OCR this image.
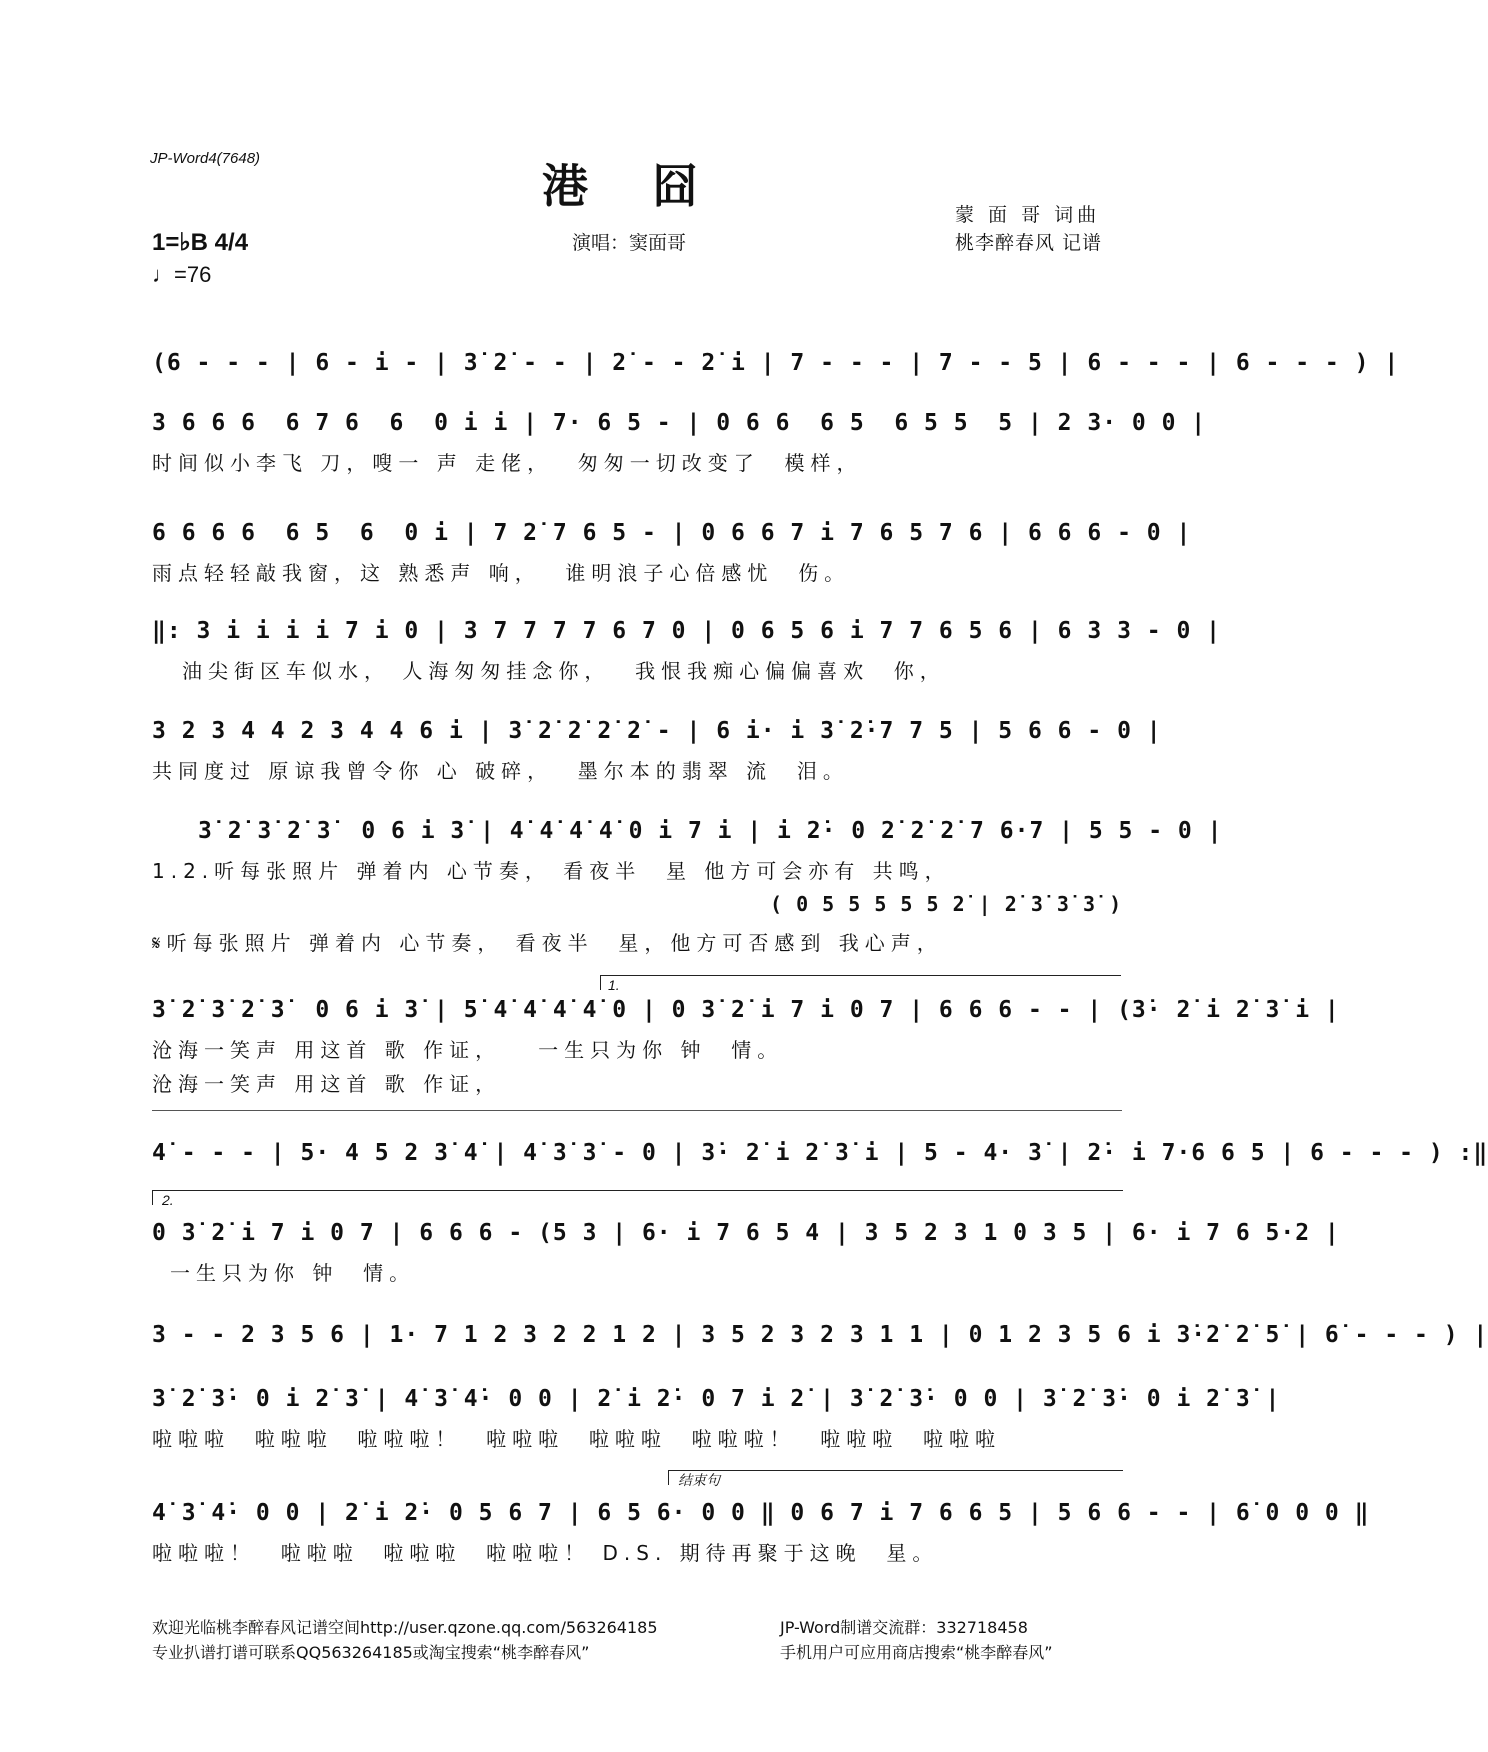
JP-Word4(7648)
港囧
演唱：窦面哥
蒙 面 哥 词曲
桃李醉春风 记谱
1=♭B 4/4
♩=76
(6 - - - | 6 - i - | 3̇ 2̇ - - | 2̇ - - 2̇ i | 7 - - - | 7 - - 5 | 6 - - - | 6 - - - ) |
3 6 6 6  6 7 6  6  0 i i | 7· 6 5 - | 0 6 6  6 5  6 5 5  5 | 2 3· 0 0 |
时间似小李飞 刀，嗖一 声 走佬，  匆匆一切改变了  模样，
6 6 6 6  6 5  6  0 i | 7 2̇ 7 6 5 - | 0 6 6 7 i 7 6 5 7 6 | 6 6 6 - 0 |
雨点轻轻敲我窗，这 熟悉声 响，  谁明浪子心倍感忧  伤。
‖: 3 i i i i 7 i 0 | 3 7 7 7 7 6 7 0 | 0 6 5 6 i 7 7 6 5 6 | 6 3 3 - 0 |
油尖街区车似水， 人海匆匆挂念你，  我恨我痴心偏偏喜欢  你，
3 2 3 4 4 2 3 4 4 6 i | 3̇ 2̇ 2̇ 2̇ 2̇ - | 6 i· i 3̇ 2̇·7 7 5 | 5 6 6 - 0 |
共同度过 原谅我曾令你 心 破碎，  墨尔本的翡翠 流  泪。
3̇ 2̇ 3̇ 2̇ 3̇  0 6 i 3̇ | 4̇ 4̇ 4̇ 4̇ 0 i 7 i | i 2̇· 0 2̇ 2̇ 2̇ 7 6·7 | 5 5 - 0 |
1.2.听每张照片 弹着内 心节奏， 看夜半  星 他方可会亦有 共鸣，
( 0 5 5 5 5 5 2̇ | 2̇ 3̇ 3̇ 3̇ )
𝄋听每张照片 弹着内 心节奏， 看夜半  星，他方可否感到 我心声，
1.
3̇ 2̇ 3̇ 2̇ 3̇  0 6 i 3̇ | 5̇ 4̇ 4̇ 4̇ 4̇ 0 | 0 3̇ 2̇ i 7 i 0 7 | 6 6 6 - - | (3̇· 2̇ i 2̇ 3̇ i |
沧海一笑声 用这首 歌 作证，   一生只为你 钟  情。
沧海一笑声 用这首 歌 作证，
4̇ - - - | 5· 4 5 2 3̇ 4̇ | 4̇ 3̇ 3̇ - 0 | 3̇· 2̇ i 2̇ 3̇ i | 5 - 4· 3̇ | 2̇· i 7·6 6 5 | 6 - - - ) :‖
2.
0 3̇ 2̇ i 7 i 0 7 | 6 6 6 - (5 3 | 6· i 7 6 5 4 | 3 5 2 3 1 0 3 5 | 6· i 7 6 5·2 |
一生只为你 钟  情。
3 - - 2 3 5 6 | 1· 7 1 2 3 2 2 1 2 | 3 5 2 3 2 3 1 1 | 0 1 2 3 5 6 i 3̇·2̇ 2̇ 5̇ | 6̇ - - - ) |
3̇ 2̇ 3̇· 0 i 2̇ 3̇ | 4̇ 3̇ 4̇· 0 0 | 2̇ i 2̇· 0 7 i 2̇ | 3̇ 2̇ 3̇· 0 0 | 3̇ 2̇ 3̇· 0 i 2̇ 3̇ |
啦啦啦  啦啦啦  啦啦啦！  啦啦啦  啦啦啦  啦啦啦！  啦啦啦  啦啦啦
结束句
4̇ 3̇ 4̇· 0 0 | 2̇ i 2̇· 0 5 6 7 | 6 5 6· 0 0 ‖ 0 6 7 i 7 6 6 5 | 5 6 6 - - | 6̇ 0 0 0 ‖
啦啦啦！  啦啦啦  啦啦啦  啦啦啦！ D.S. 期待再聚于这晚  星。
欢迎光临桃李醉春风记谱空间http://user.qzone.qq.com/563264185	JP-Word制谱交流群：332718458
专业扒谱打谱可联系QQ563264185或淘宝搜索“桃李醉春风”	手机用户可应用商店搜索“桃李醉春风”
